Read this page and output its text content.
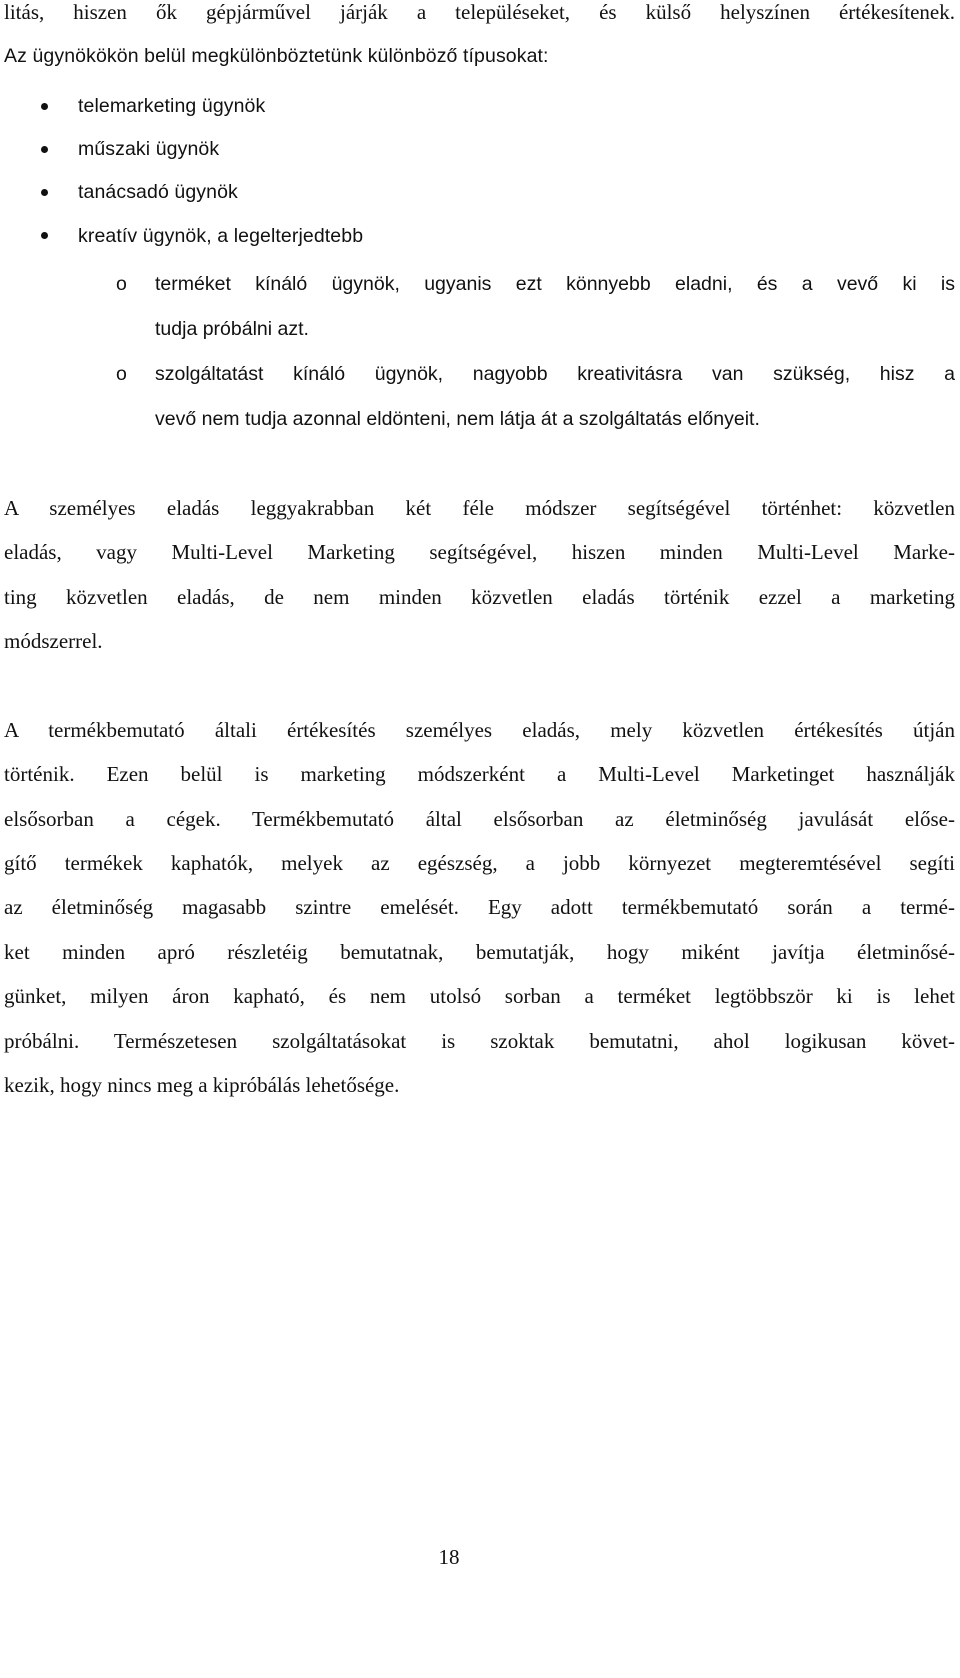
litás, hiszen ők gépjárművel járják a településeket, és külső helyszínen értékesítenek.
Az ügynökökön belül megkülönböztetünk különböző típusokat:
telemarketing ügynök
műszaki ügynök
tanácsadó ügynök
kreatív ügynök, a legelterjedtebb
o terméket kínáló ügynök, ugyanis ezt könnyebb eladni, és a vevő ki is
tudja próbálni azt.
o szolgáltatást kínáló ügynök, nagyobb kreativitásra van szükség, hisz a
vevő nem tudja azonnal eldönteni, nem látja át a szolgáltatás előnyeit.
A személyes eladás leggyakrabban két féle módszer segítségével történhet: közvetlen
eladás, vagy Multi-Level Marketing segítségével, hiszen minden Multi-Level Marke-
ting közvetlen eladás, de nem minden közvetlen eladás történik ezzel a marketing
módszerrel.
A termékbemutató általi értékesítés személyes eladás, mely közvetlen értékesítés útján
történik. Ezen belül is marketing módszerként a Multi-Level Marketinget használják
elsősorban a cégek. Termékbemutató által elsősorban az életminőség javulását előse-
gítő termékek kaphatók, melyek az egészség, a jobb környezet megteremtésével segíti
az életminőség magasabb szintre emelését. Egy adott termékbemutató során a termé-
ket minden apró részletéig bemutatnak, bemutatják, hogy miként javítja életminősé-
günket, milyen áron kapható, és nem utolsó sorban a terméket legtöbbször ki is lehet
próbálni. Természetesen szolgáltatásokat is szoktak bemutatni, ahol logikusan követ-
kezik, hogy nincs meg a kipróbálás lehetősége.
18
